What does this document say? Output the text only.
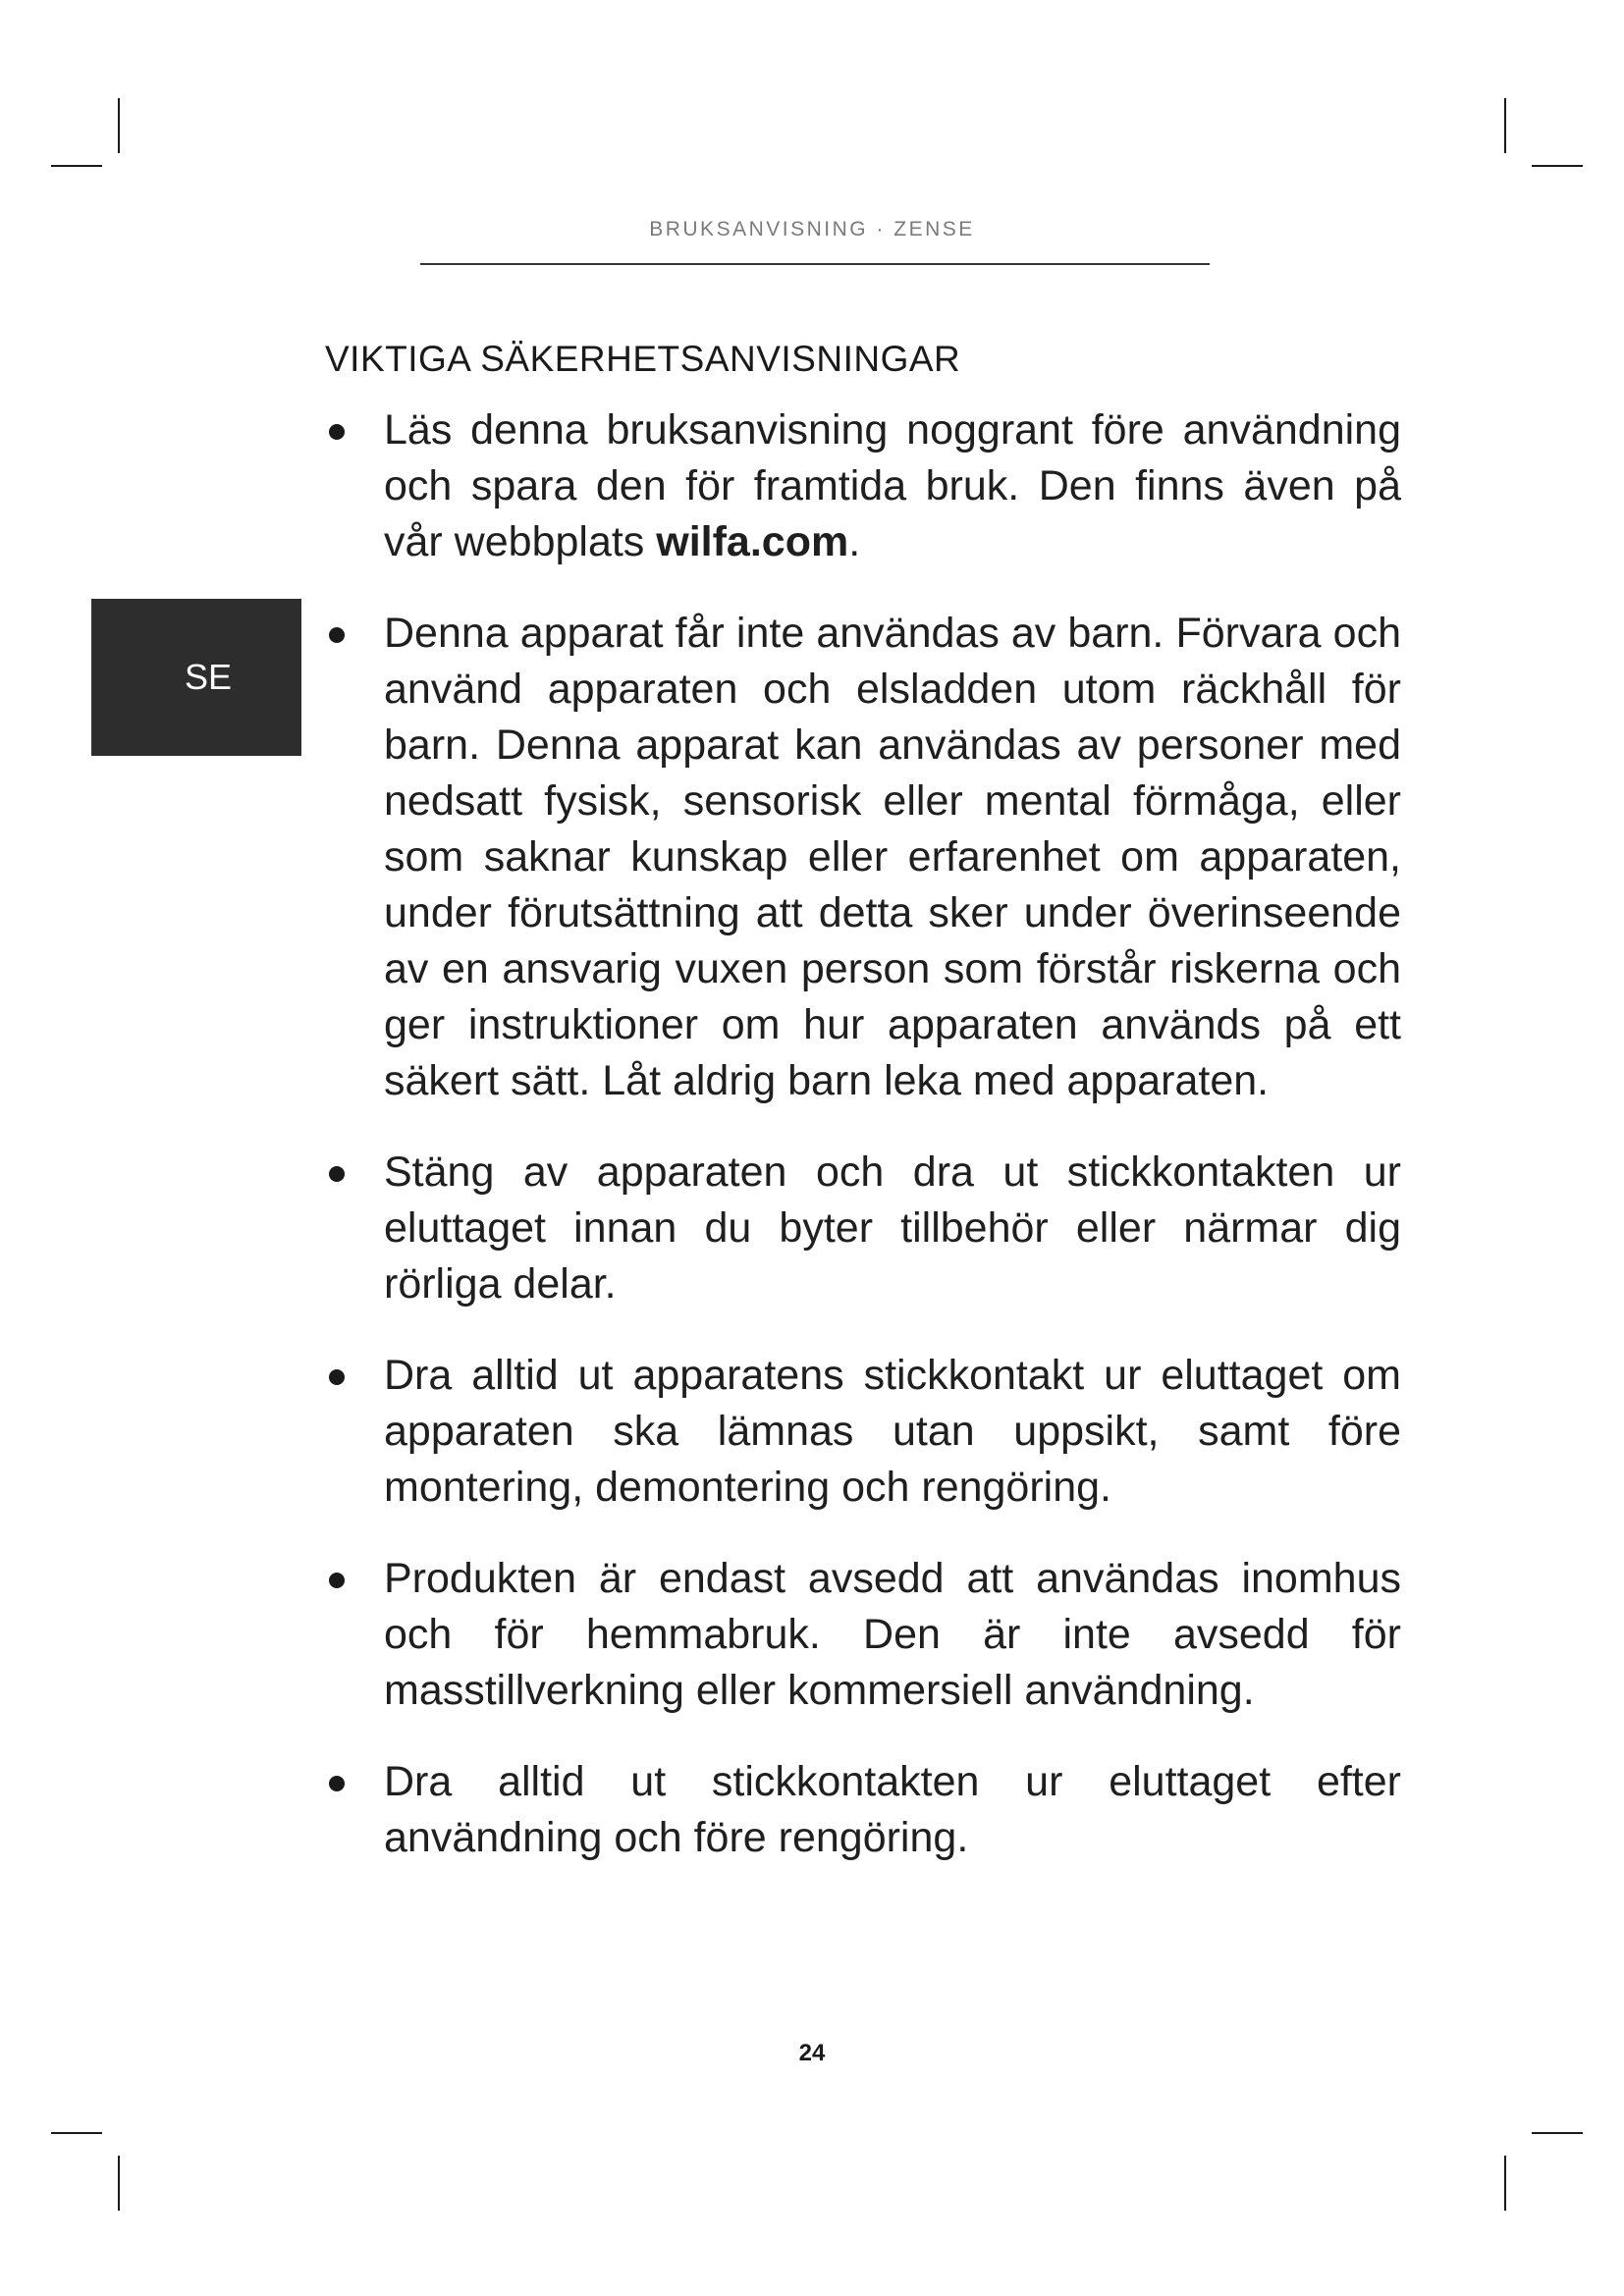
BRUKSANVISNING · ZENSE
SE
VIKTIGA SÄKERHETSANVISNINGAR
Läs denna bruksanvisning noggrant före användning och spara den för framtida bruk. Den finns även på vår webbplats wilfa.com.
Denna apparat får inte användas av barn. Förvara och använd apparaten och elsladden utom räckhåll för barn. Denna apparat kan användas av personer med nedsatt fysisk, sensorisk eller mental förmåga, eller som saknar kunskap eller erfarenhet om apparaten, under förutsättning att detta sker under överinseende av en ansvarig vuxen person som förstår riskerna och ger instruktioner om hur apparaten används på ett säkert sätt. Låt aldrig barn leka med apparaten.
Stäng av apparaten och dra ut stickkontakten ur eluttaget innan du byter tillbehör eller närmar dig rörliga delar.
Dra alltid ut apparatens stickkontakt ur eluttaget om apparaten ska lämnas utan uppsikt, samt före montering, demontering och rengöring.
Produkten är endast avsedd att användas inomhus och för hemmabruk. Den är inte avsedd för masstillverkning eller kommersiell användning.
Dra alltid ut stickkontakten ur eluttaget efter användning och före rengöring.
24
